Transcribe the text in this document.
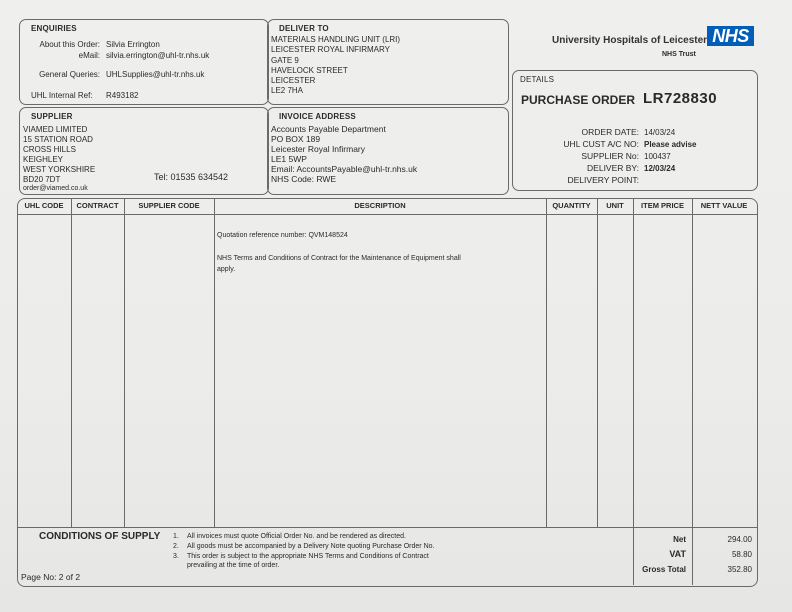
ENQUIRIES
About this Order: Silvia Errington
eMail: silvia.errington@uhl-tr.nhs.uk
General Queries: UHLSupplies@uhl-tr.nhs.uk
UHL Internal Ref: R493182
DELIVER TO
MATERIALS HANDLING UNIT (LRI)
LEICESTER ROYAL INFIRMARY
GATE 9
HAVELOCK STREET
LEICESTER
LE2 7HA
University Hospitals of Leicester NHS
NHS Trust
DETAILS
PURCHASE ORDER LR728830
ORDER DATE: 14/03/24
UHL CUST A/C NO: Please advise
SUPPLIER No: 100437
DELIVER BY: 12/03/24
DELIVERY POINT:
SUPPLIER
VIAMED LIMITED
15 STATION ROAD
CROSS HILLS
KEIGHLEY
WEST YORKSHIRE
BD20 7DT	Tel: 01535 634542
order@viamed.co.uk
INVOICE ADDRESS
Accounts Payable Department
PO BOX 189
Leicester Royal Infirmary
LE1 5WP
Email: AccountsPayable@uhl-tr.nhs.uk
NHS Code: RWE
UHL CODE	CONTRACT	SUPPLIER CODE	DESCRIPTION	QUANTITY	UNIT	ITEM PRICE	NETT VALUE
Quotation reference number: QVM148524
NHS Terms and Conditions of Contract for the Maintenance of Equipment shall
apply.
CONDITIONS OF SUPPLY 1. All invoices must quote Official Order No. and be rendered as directed.
2. All goods must be accompanied by a Delivery Note quoting Purchase Order No.
3. This order is subject to the appropriate NHS Terms and Conditions of Contract
prevailing at the time of order.
Page No: 2 of 2
Net	294.00
VAT	58.80
Gross Total	352.80
